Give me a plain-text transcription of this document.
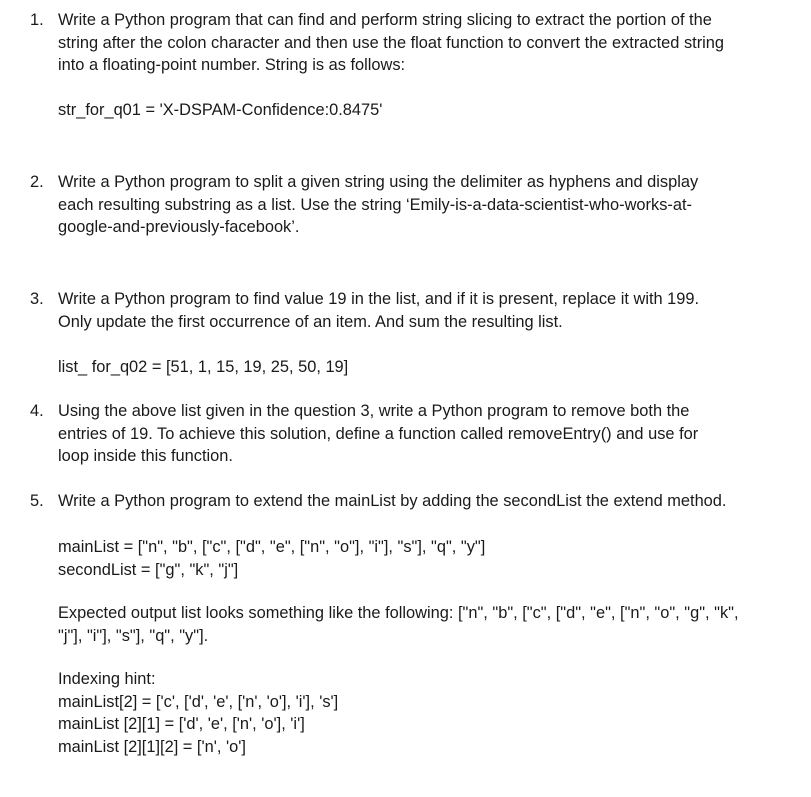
1. Write a Python program that can find and perform string slicing to extract the portion of the
string after the colon character and then use the float function to convert the extracted string
into a floating-point number. String is as follows:
str_for_q01 = 'X-DSPAM-Confidence:0.8475'
2. Write a Python program to split a given string using the delimiter as hyphens and display
each resulting substring as a list. Use the string ‘Emily-is-a-data-scientist-who-works-at-
google-and-previously-facebook’.
3. Write a Python program to find value 19 in the list, and if it is present, replace it with 199.
Only update the first occurrence of an item. And sum the resulting list.
list_ for_q02 = [51, 1, 15, 19, 25, 50, 19]
4. Using the above list given in the question 3, write a Python program to remove both the
entries of 19. To achieve this solution, define a function called removeEntry() and use for
loop inside this function.
5. Write a Python program to extend the mainList by adding the secondList the extend method.
mainList = ["n", "b", ["c", ["d", "e", ["n", "o"], "i"], "s"], "q", "y"]
secondList = ["g", "k", "j"]
Expected output list looks something like the following: ["n", "b", ["c", ["d", "e", ["n", "o", "g", "k",
"j"], "i"], "s"], "q", "y"].
Indexing hint:
mainList[2] = ['c', ['d', 'e', ['n', 'o'], 'i'], 's']
mainList [2][1] = ['d', 'e', ['n', 'o'], 'i']
mainList [2][1][2] = ['n', 'o']
